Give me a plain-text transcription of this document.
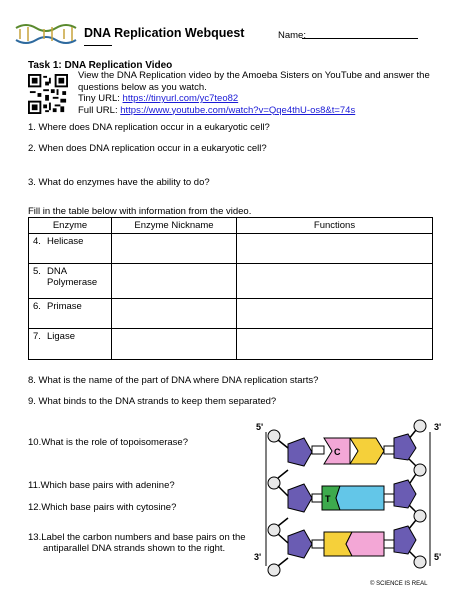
DNA Replication Webquest	Name:
Task 1: DNA Replication Video
View the DNA Replication video by the Amoeba Sisters on YouTube and answer the
questions below as you watch.
Tiny URL: https://tinyurl.com/yc7teo82
Full URL: https://www.youtube.com/watch?v=Qqe4thU-os8&t=74s
1. Where does DNA replication occur in a eukaryotic cell?
2. When does DNA replication occur in a eukaryotic cell?
3. What do enzymes have the ability to do?
Fill in the table below with information from the video.
Enzyme	Enzyme Nickname	Functions

4. Helicase		

5. DNA Polymerase		

6. Primase		

7. Ligase		

8. What is the name of the part of DNA where DNA replication starts?
9. What binds to the DNA strands to keep them separated?
10.What is the role of topoisomerase?
11.Which base pairs with adenine?
12.Which base pairs with cytosine?
13.Label the carbon numbers and base pairs on the
antiparallel DNA strands shown to the right.
5'	3'
3'	5'
C
T
© SCIENCE IS REAL
